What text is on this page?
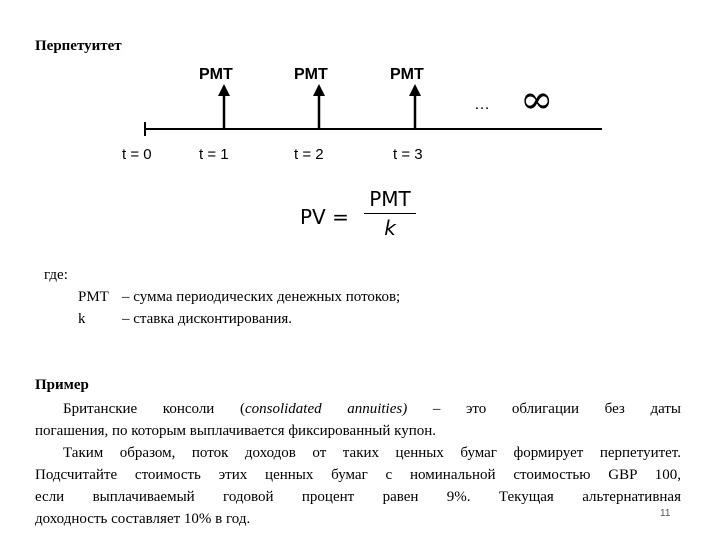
Перпетуитет
PMT	PMT	PMT
… ∞
t = 0	t = 1	t = 2	t = 3
PV =
PMT
k
где:
PMT – сумма периодических денежных потоков;
k – ставка дисконтирования.
Пример
Британские консоли (consolidated annuities) – это облигации без даты
погашения, по которым выплачивается фиксированный купон.
Таким образом, поток доходов от таких ценных бумаг формирует перпетуитет.
Подсчитайте стоимость этих ценных бумаг с номинальной стоимостью GBP 100,
если выплачиваемый годовой процент равен 9%. Текущая альтернативная
доходность составляет 10% в год.	11
